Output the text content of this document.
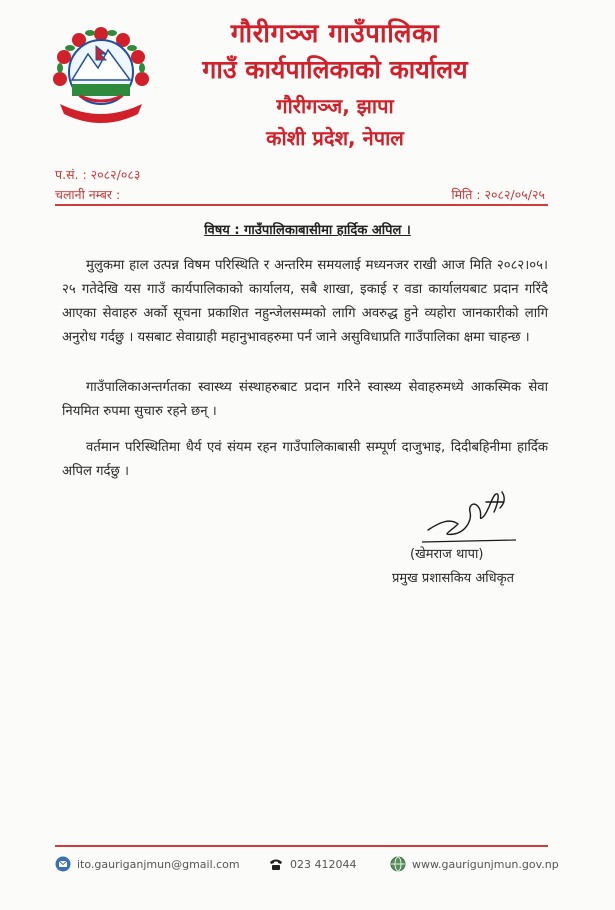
गौरीगञ्ज गाउँपालिका
गाउँ कार्यपालिकाको कार्यालय
गौरीगञ्ज, झापा
कोशी प्रदेश, नेपाल
प.सं. : २०८२/०८३
चलानी नम्बर :	मिति : २०८२/०५/२५
विषय : गाउँपालिकाबासीमा हार्दिक अपिल ।
मुलुकमा हाल उत्पन्न विषम परिस्थिति र अन्तरिम समयलाई मध्यनजर राखी आज मिति २०८२।०५।२५ गतेदेखि यस गाउँ कार्यपालिकाको कार्यालय, सबै शाखा, इकाई र वडा कार्यालयबाट प्रदान गरिंदै आएका सेवाहरु अर्को सूचना प्रकाशित नहुन्जेलसम्मको लागि अवरुद्ध हुने व्यहोरा जानकारीको लागि अनुरोध गर्दछु । यसबाट सेवाग्राही महानुभावहरुमा पर्न जाने असुविधाप्रति गाउँपालिका क्षमा चाहन्छ ।
गाउँपालिकाअन्तर्गतका स्वास्थ्य संस्थाहरुबाट प्रदान गरिने स्वास्थ्य सेवाहरुमध्ये आकस्मिक सेवा नियमित रुपमा सुचारु रहने छन् ।
वर्तमान परिस्थितिमा धैर्य एवं संयम रहन गाउँपालिकाबासी सम्पूर्ण दाजुभाइ, दिदीबहिनीमा हार्दिक अपिल गर्दछु ।
(खेमराज थापा)
प्रमुख प्रशासकिय अधिकृत
ito.gauriganjmun@gmail.com	023 412044	www.gaurigunjmun.gov.np
